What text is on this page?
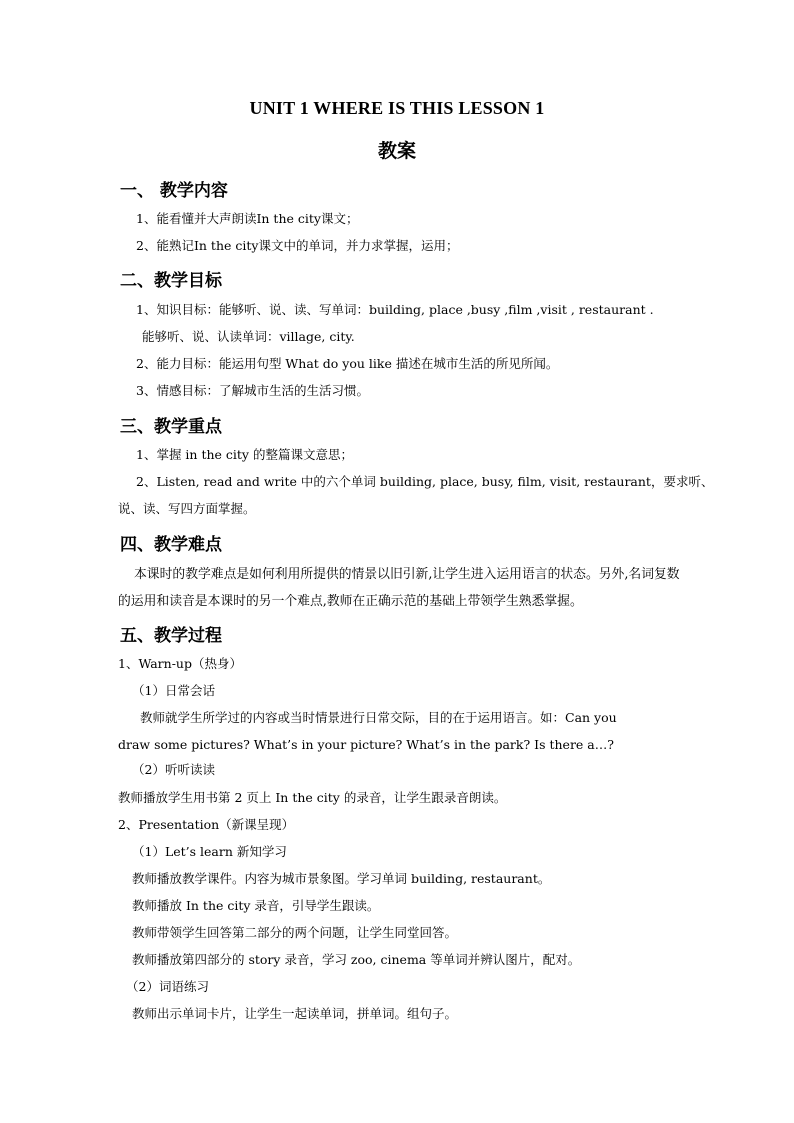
UNIT 1 WHERE IS THIS LESSON 1
教案
一、 教学内容
1、能看懂并大声朗读In the city课文；
2、能熟记In the city课文中的单词，并力求掌握，运用；
二、教学目标
1、知识目标：能够听、说、读、写单词：building, place ,busy ,film ,visit , restaurant .
能够听、说、认读单词：village, city.
2、能力目标：能运用句型 What do you like 描述在城市生活的所见所闻。
3、情感目标：了解城市生活的生活习惯。
三、教学重点
1、掌握 in the city 的整篇课文意思；
2、Listen, read and write 中的六个单词 building, place, busy, film, visit, restaurant，要求听、
说、读、写四方面掌握。
四、教学难点
本课时的教学难点是如何利用所提供的情景以旧引新,让学生进入运用语言的状态。另外,名词复数的运用和读音是本课时的另一个难点,教师在正确示范的基础上带领学生熟悉掌握。
五、教学过程
1、Warn-up（热身）
（1）日常会话
教师就学生所学过的内容或当时情景进行日常交际，目的在于运用语言。如：Can you
draw some pictures? What’s in your picture? What’s in the park? Is there a…?
（2）听听读读
教师播放学生用书第 2 页上 In the city 的录音，让学生跟录音朗读。
2、Presentation（新课呈现）
（1）Let’s learn 新知学习
教师播放教学课件。内容为城市景象图。学习单词 building, restaurant。
教师播放 In the city 录音，引导学生跟读。
教师带领学生回答第二部分的两个问题，让学生同堂回答。
教师播放第四部分的 story 录音，学习 zoo, cinema 等单词并辨认图片，配对。
（2）词语练习
教师出示单词卡片，让学生一起读单词，拼单词。组句子。
